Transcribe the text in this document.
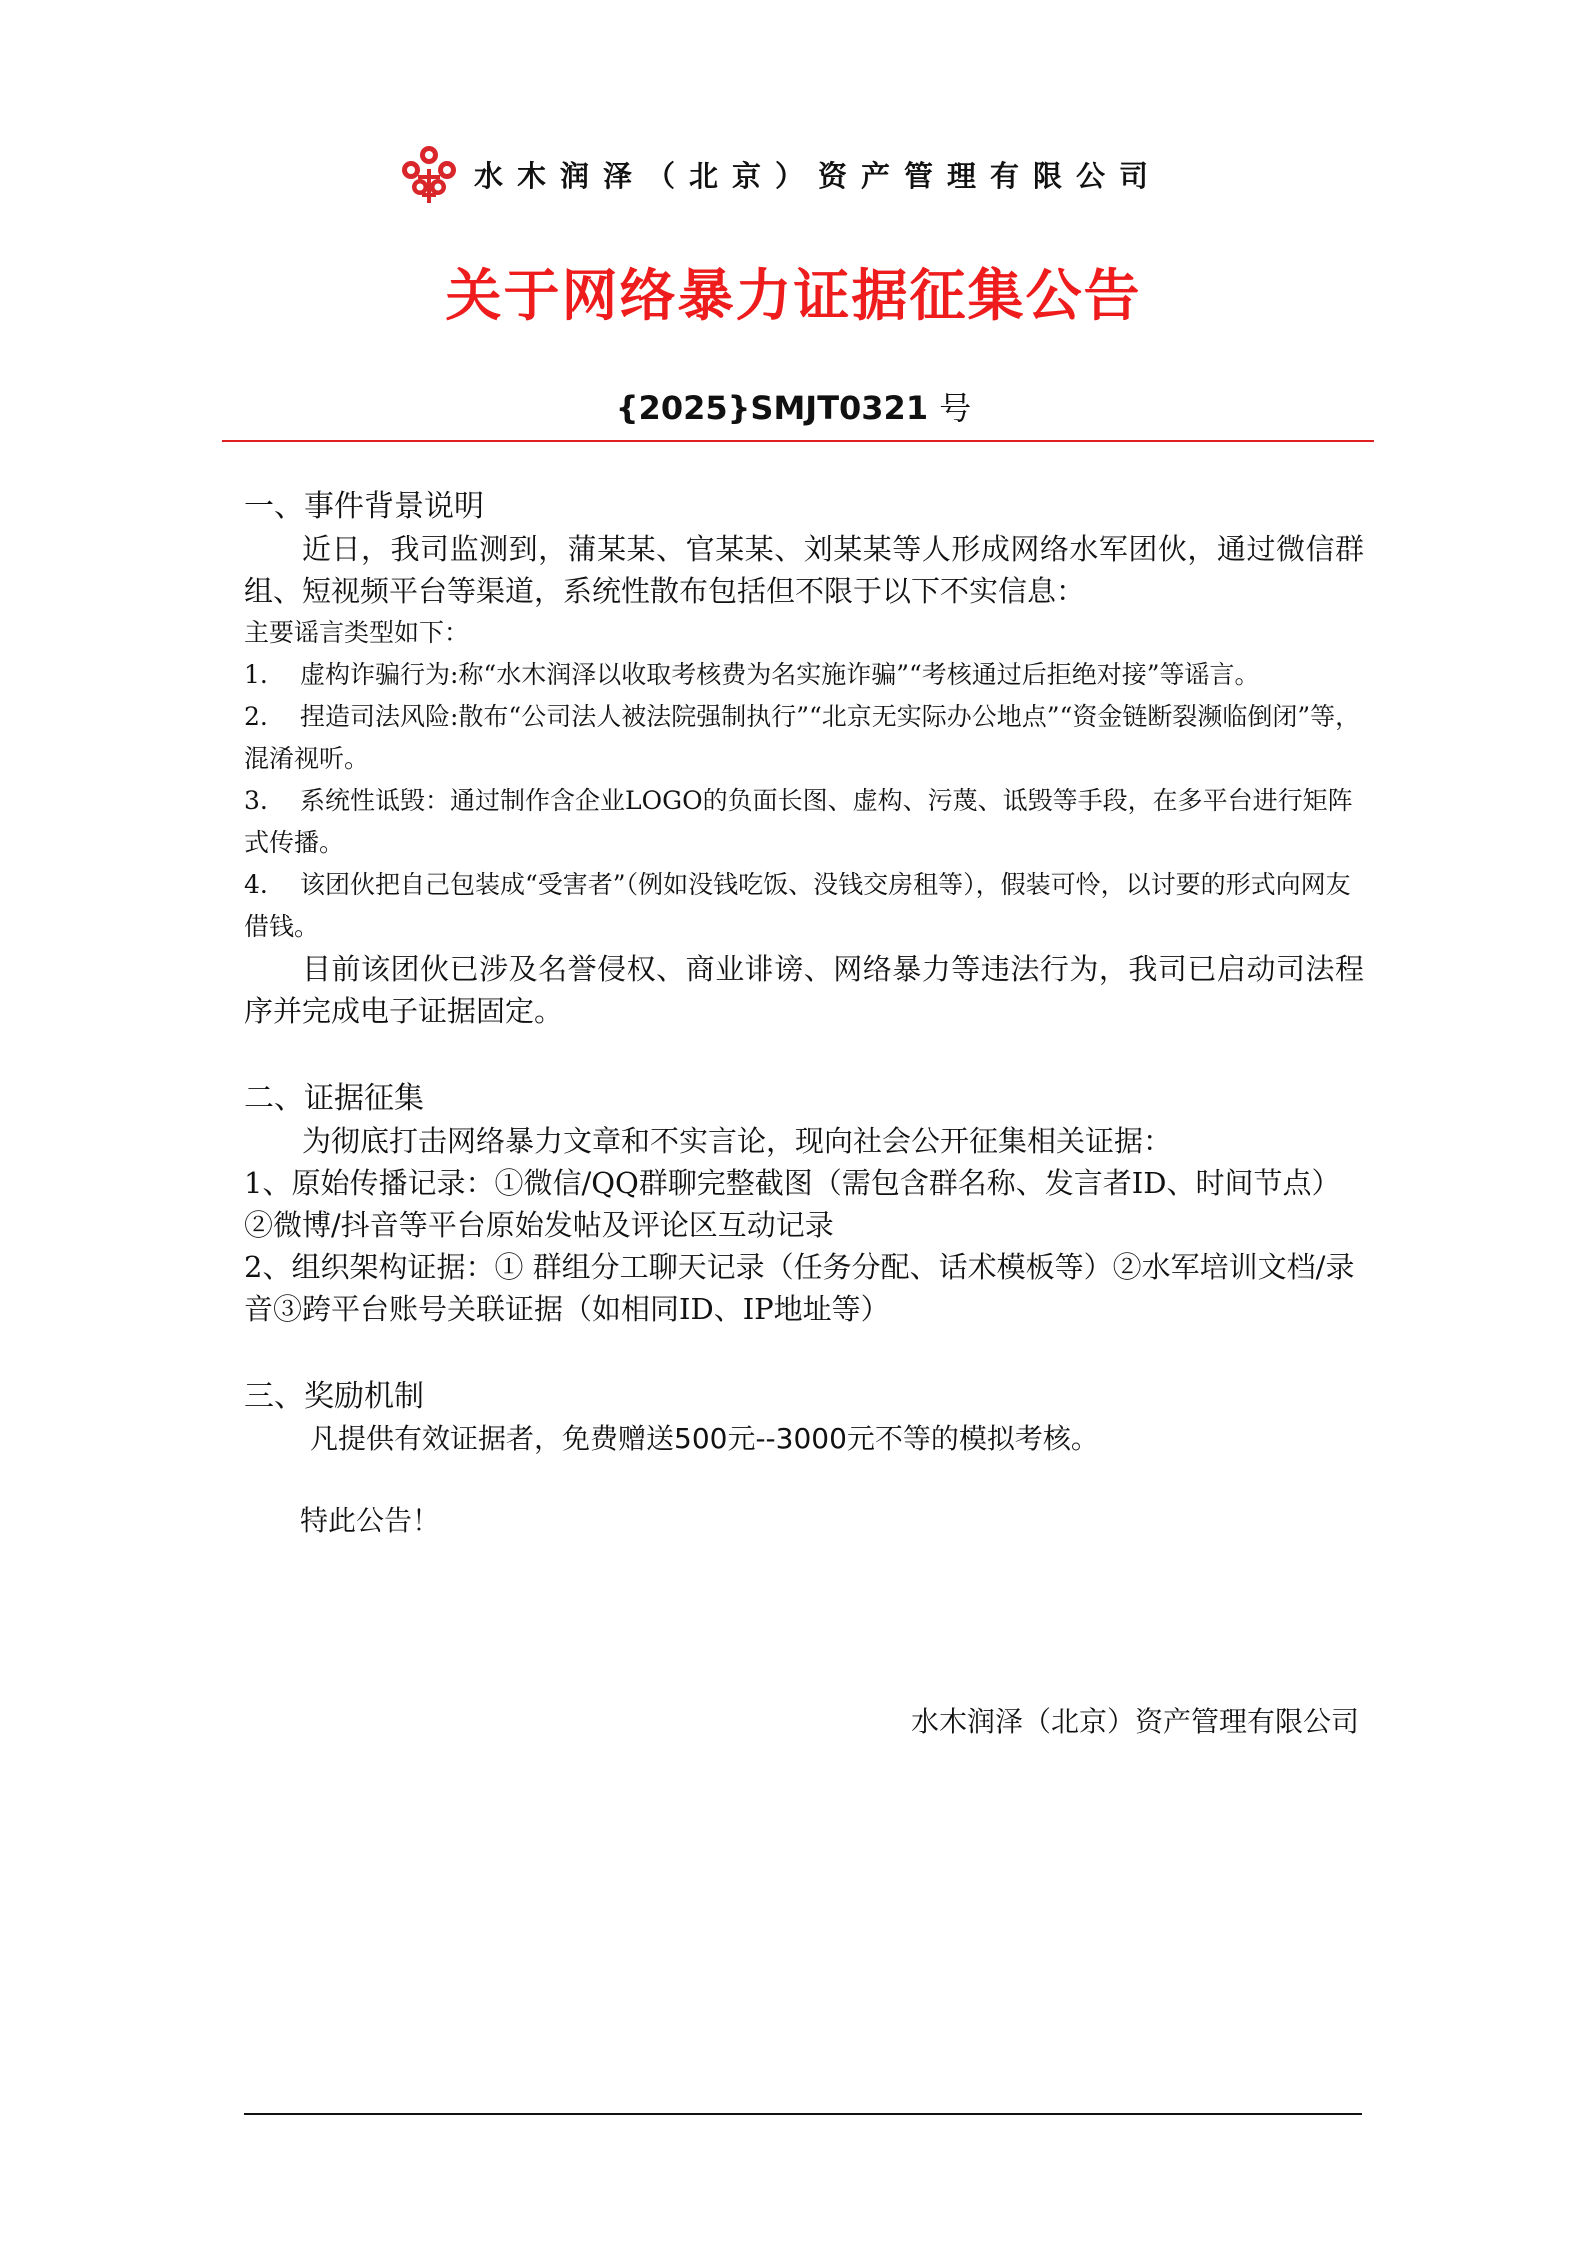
水木润泽（北京）资产管理有限公司
关于网络暴力证据征集公告
{2025}SMJT0321 号

一、事件背景说明

近日，我司监测到，蒲某某、官某某、刘某某等人形成网络水军团伙，通过微信群组、短视频平台等渠道，系统性散布包括但不限于以下不实信息：

主要谣言类型如下：

1. 虚构诈骗行为:称“水木润泽以收取考核费为名实施诈骗”“考核通过后拒绝对接”等谣言。

2. 捏造司法风险:散布“公司法人被法院强制执行”“北京无实际办公地点”“资金链断裂濒临倒闭”等，混淆视听。

3. 系统性诋毁：通过制作含企业LOGO的负面长图、虚构、污蔑、诋毁等手段，在多平台进行矩阵式传播。

4. 该团伙把自己包装成“受害者”（例如没钱吃饭、没钱交房租等），假装可怜，以讨要的形式向网友借钱。

目前该团伙已涉及名誉侵权、商业诽谤、网络暴力等违法行为，我司已启动司法程序并完成电子证据固定。

二、证据征集

为彻底打击网络暴力文章和不实言论，现向社会公开征集相关证据：

1、原始传播记录：①微信/QQ群聊完整截图（需包含群名称、发言者ID、时间节点）②微博/抖音等平台原始发帖及评论区互动记录

2、组织架构证据：① 群组分工聊天记录（任务分配、话术模板等）②水军培训文档/录音③跨平台账号关联证据（如相同ID、IP地址等）

三、奖励机制

凡提供有效证据者，免费赠送500元--3000元不等的模拟考核。

特此公告！

水木润泽（北京）资产管理有限公司
